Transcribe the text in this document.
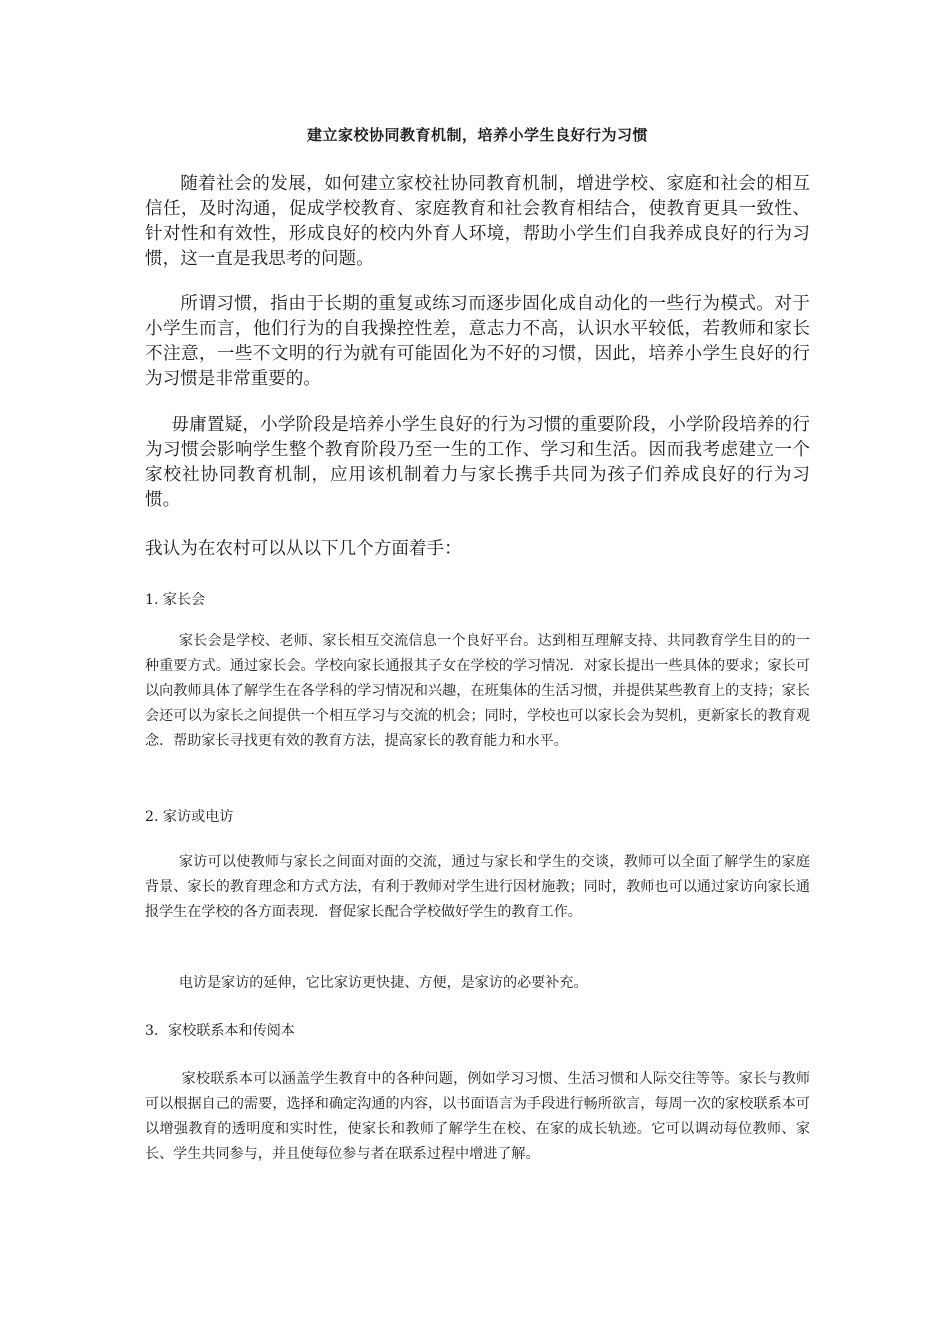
建立家校协同教育机制，培养小学生良好行为习惯

随着社会的发展，如何建立家校社协同教育机制，增进学校、家庭和社会的相互信任，及时沟通，促成学校教育、家庭教育和社会教育相结合，使教育更具一致性、针对性和有效性，形成良好的校内外育人环境，帮助小学生们自我养成良好的行为习惯，这一直是我思考的问题。

所谓习惯，指由于长期的重复或练习而逐步固化成自动化的一些行为模式。对于小学生而言，他们行为的自我操控性差，意志力不高，认识水平较低，若教师和家长不注意，一些不文明的行为就有可能固化为不好的习惯，因此，培养小学生良好的行为习惯是非常重要的。

毋庸置疑，小学阶段是培养小学生良好的行为习惯的重要阶段，小学阶段培养的行为习惯会影响学生整个教育阶段乃至一生的工作、学习和生活。因而我考虑建立一个家校社协同教育机制，应用该机制着力与家长携手共同为孩子们养成良好的行为习惯。

我认为在农村可以从以下几个方面着手：

1. 家长会

家长会是学校、老师、家长相互交流信息一个良好平台。达到相互理解支持、共同教育学生目的的一种重要方式。通过家长会。学校向家长通报其子女在学校的学习情况．对家长提出一些具体的要求；家长可以向教师具体了解学生在各学科的学习情况和兴趣，在班集体的生活习惯，并提供某些教育上的支持；家长会还可以为家长之间提供一个相互学习与交流的机会；同时，学校也可以家长会为契机，更新家长的教育观念．帮助家长寻找更有效的教育方法，提高家长的教育能力和水平。

2. 家访或电访

家访可以使教师与家长之间面对面的交流，通过与家长和学生的交谈，教师可以全面了解学生的家庭背景、家长的教育理念和方式方法，有利于教师对学生进行因材施教；同时，教师也可以通过家访向家长通报学生在学校的各方面表现．督促家长配合学校做好学生的教育工作。

电访是家访的延伸，它比家访更快捷、方便，是家访的必要补充。

3．家校联系本和传阅本

家校联系本可以涵盖学生教育中的各种问题，例如学习习惯、生活习惯和人际交往等等。家长与教师可以根据自己的需要，选择和确定沟通的内容，以书面语言为手段进行畅所欲言，每周一次的家校联系本可以增强教育的透明度和实时性，使家长和教师了解学生在校、在家的成长轨迹。它可以调动每位教师、家长、学生共同参与，并且使每位参与者在联系过程中增进了解。
